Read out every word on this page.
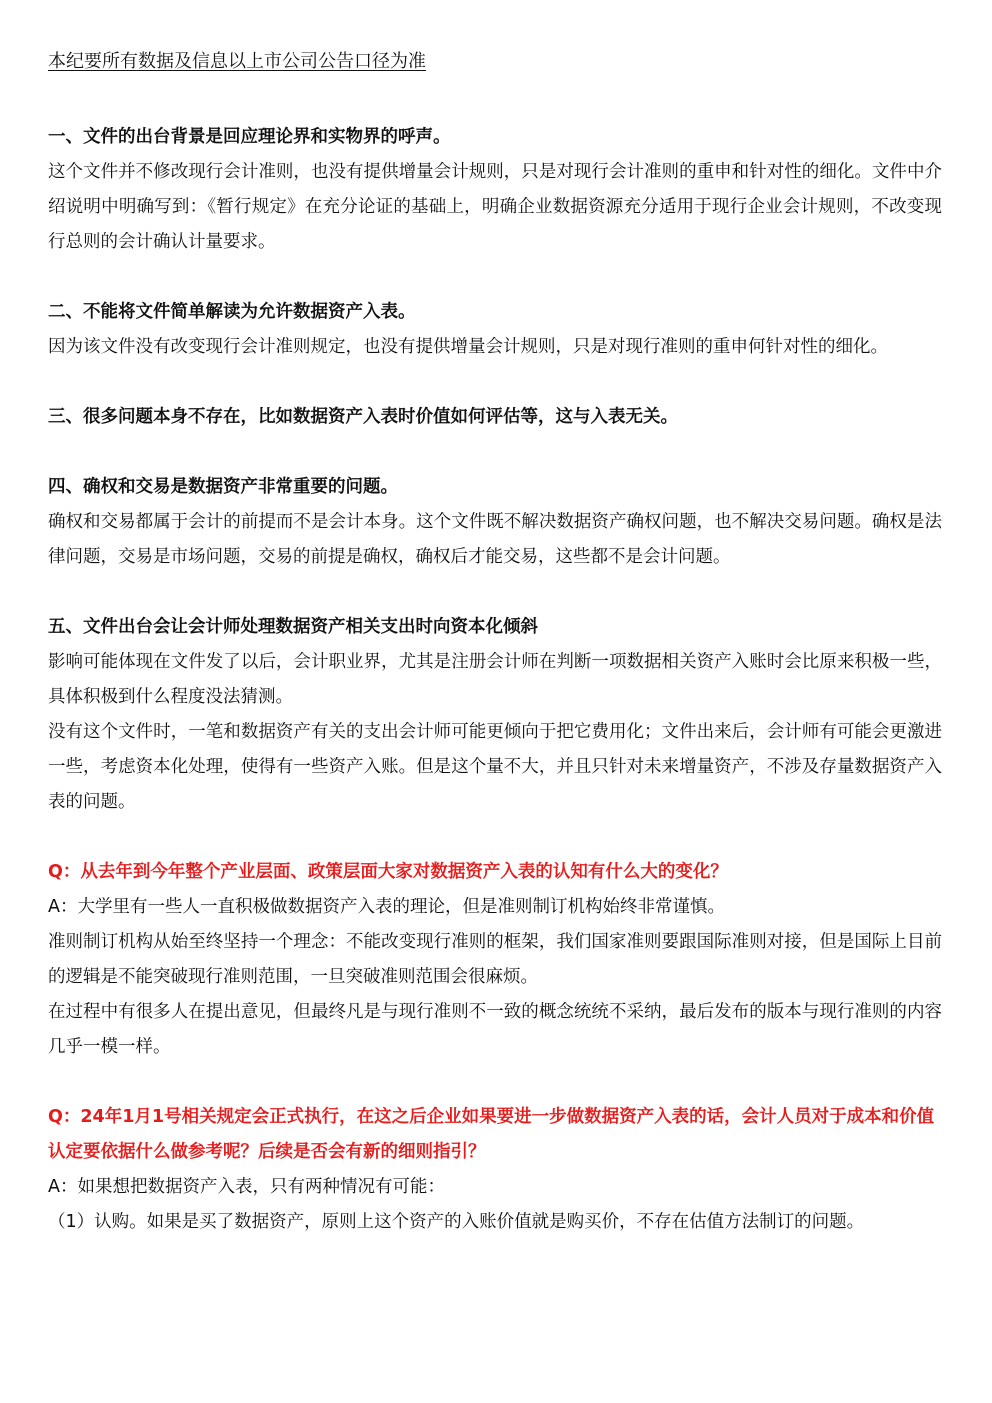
本纪要所有数据及信息以上市公司公告口径为准

一、文件的出台背景是回应理论界和实物界的呼声。

这个文件并不修改现行会计准则，也没有提供增量会计规则，只是对现行会计准则的重申和针对性的细化。文件中介绍说明中明确写到：《暂行规定》在充分论证的基础上，明确企业数据资源充分适用于现行企业会计规则，不改变现行总则的会计确认计量要求。

二、不能将文件简单解读为允许数据资产入表。

因为该文件没有改变现行会计准则规定，也没有提供增量会计规则，只是对现行准则的重申何针对性的细化。

三、很多问题本身不存在，比如数据资产入表时价值如何评估等，这与入表无关。

四、确权和交易是数据资产非常重要的问题。

确权和交易都属于会计的前提而不是会计本身。这个文件既不解决数据资产确权问题，也不解决交易问题。确权是法律问题，交易是市场问题，交易的前提是确权，确权后才能交易，这些都不是会计问题。

五、文件出台会让会计师处理数据资产相关支出时向资本化倾斜

影响可能体现在文件发了以后，会计职业界，尤其是注册会计师在判断一项数据相关资产入账时会比原来积极一些，具体积极到什么程度没法猜测。

没有这个文件时，一笔和数据资产有关的支出会计师可能更倾向于把它费用化；文件出来后，会计师有可能会更激进一些，考虑资本化处理，使得有一些资产入账。但是这个量不大，并且只针对未来增量资产，不涉及存量数据资产入表的问题。

Q：从去年到今年整个产业层面、政策层面大家对数据资产入表的认知有什么大的变化？

A：大学里有一些人一直积极做数据资产入表的理论，但是准则制订机构始终非常谨慎。

准则制订机构从始至终坚持一个理念：不能改变现行准则的框架，我们国家准则要跟国际准则对接，但是国际上目前的逻辑是不能突破现行准则范围，一旦突破准则范围会很麻烦。

在过程中有很多人在提出意见，但最终凡是与现行准则不一致的概念统统不采纳，最后发布的版本与现行准则的内容几乎一模一样。

Q：24年1月1号相关规定会正式执行，在这之后企业如果要进一步做数据资产入表的话，会计人员对于成本和价值认定要依据什么做参考呢？后续是否会有新的细则指引？

A：如果想把数据资产入表，只有两种情况有可能：

（1）认购。如果是买了数据资产，原则上这个资产的入账价值就是购买价，不存在估值方法制订的问题。
